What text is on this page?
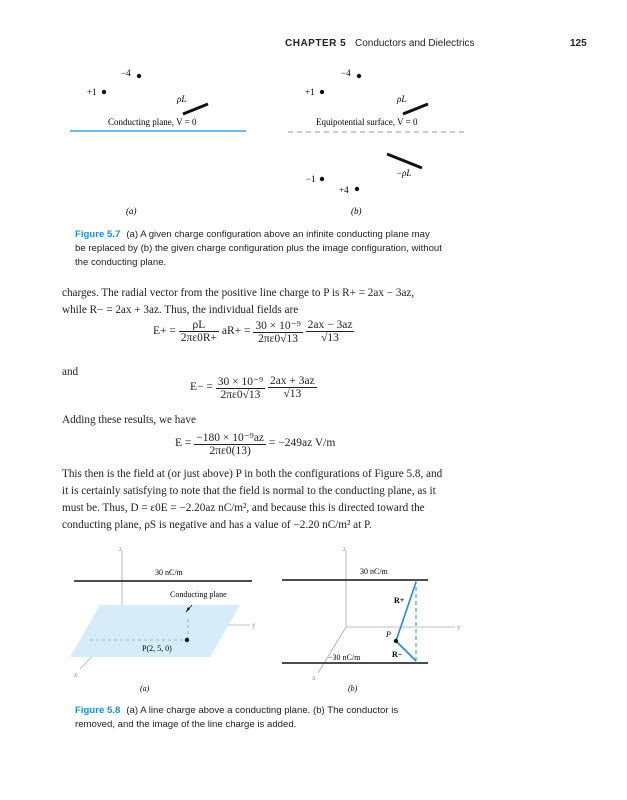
CHAPTER 5 Conductors and Dielectrics	125
−4
+1
ρL
Conducting plane, V = 0
(a)
−4
+1
ρL
Equipotential surface, V = 0
−ρL
−1
+4
(b)
Figure 5.7 (a) A given charge configuration above an infinite conducting plane may
be replaced by (b) the given charge configuration plus the image configuration, without
the conducting plane.
charges. The radial vector from the positive line charge to P is R+ = 2ax − 3az,
while R− = 2ax + 3az. Thus, the individual fields are
$E+ = \frac{\rho L}{2\pi\varepsilon 0R+} aR+ = \frac{\text{30 × 10⁻⁹}}{2\pi\varepsilon 0√13}$
$\frac{2ax - 3az}{√13}$
and
$E- = \frac{\text{30 × 10⁻⁹}}{2\pi\varepsilon 0√13}$
$\frac{2ax + 3az}{√13}$
Adding these results, we have
$E = \frac{\text{−180 × 10⁻⁹az}}{2\pi\varepsilon 0(13)} = -249az$ V/m
This then is the field at (or just above) P in both the configurations of Figure 5.8, and
it is certainly satisfying to note that the field is normal to the conducting plane, as it
must be. Thus, D = ε0E = −2.20az nC/m², and because this is directed toward the
conducting plane, ρS is negative and has a value of −2.20 nC/m² at P.
z
y
x
30 nC/m
Conducting plane
P(2, 5, 0)
(a)
z
y
x
30 nC/m
−30 nC/m
R+
P
R−
(b)
Figure 5.8 (a) A line charge above a conducting plane. (b) The conductor is
removed, and the image of the line charge is added.
